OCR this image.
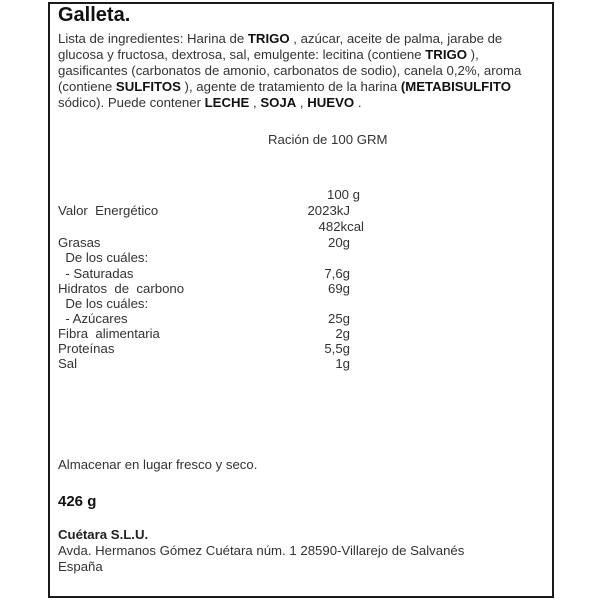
Galleta.
Lista de ingredientes: Harina de TRIGO , azúcar, aceite de palma, jarabe de glucosa y fructosa, dextrosa, sal, emulgente: lecitina (contiene TRIGO ), gasificantes (carbonatos de amonio, carbonatos de sodio), canela 0,2%, aroma (contiene SULFITOS ), agente de tratamiento de la harina (METABISULFITO sódico). Puede contener LECHE , SOJA , HUEVO .
Ración de 100 GRM
100 g
Valor  Energético	2023kJ
482kcal
Grasas	20g
De los cuáles:
- Saturadas	7,6g
Hidratos  de  carbono	69g
De los cuáles:
- Azúcares	25g
Fibra  alimentaria	2g
Proteínas	5,5g
Sal	1g
Almacenar en lugar fresco y seco.
426 g
Cuétara S.L.U.
Avda. Hermanos Gómez Cuétara núm. 1 28590-Villarejo de Salvanés
España
